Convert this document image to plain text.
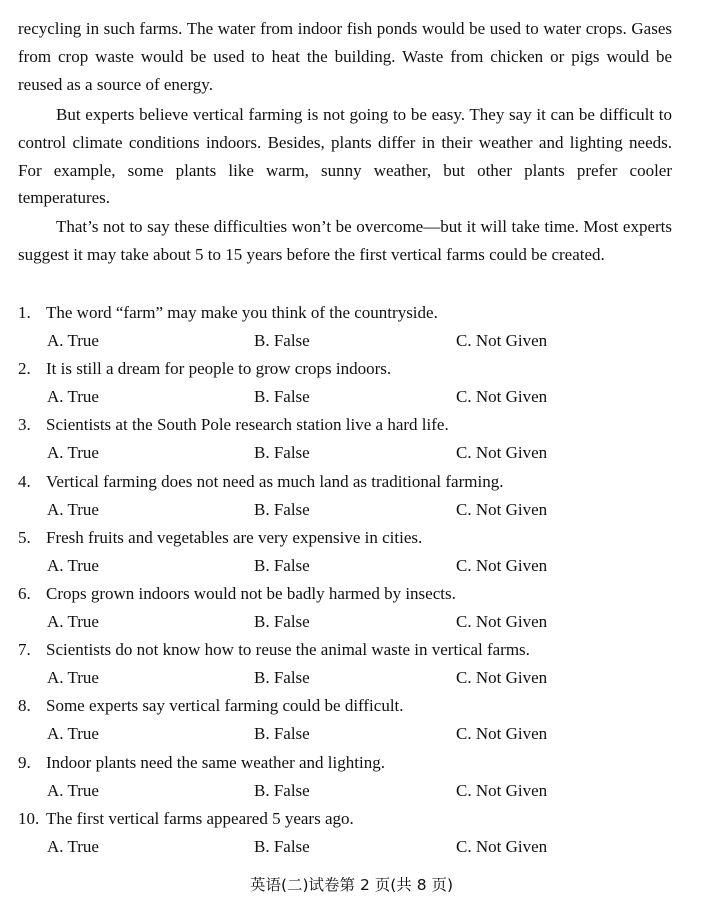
recycling in such farms. The water from indoor fish ponds would be used to water crops. Gases from crop waste would be used to heat the building. Waste from chicken or pigs would be reused as a source of energy.
But experts believe vertical farming is not going to be easy. They say it can be difficult to control climate conditions indoors. Besides, plants differ in their weather and lighting needs. For example, some plants like warm, sunny weather, but other plants prefer cooler temperatures.
That’s not to say these difficulties won’t be overcome—but it will take time. Most experts suggest it may take about 5 to 15 years before the first vertical farms could be created.
1. The word “farm” may make you think of the countryside.
A. True	B. False	C. Not Given
2. It is still a dream for people to grow crops indoors.
A. True	B. False	C. Not Given
3. Scientists at the South Pole research station live a hard life.
A. True	B. False	C. Not Given
4. Vertical farming does not need as much land as traditional farming.
A. True	B. False	C. Not Given
5. Fresh fruits and vegetables are very expensive in cities.
A. True	B. False	C. Not Given
6. Crops grown indoors would not be badly harmed by insects.
A. True	B. False	C. Not Given
7. Scientists do not know how to reuse the animal waste in vertical farms.
A. True	B. False	C. Not Given
8. Some experts say vertical farming could be difficult.
A. True	B. False	C. Not Given
9. Indoor plants need the same weather and lighting.
A. True	B. False	C. Not Given
10. The first vertical farms appeared 5 years ago.
A. True	B. False	C. Not Given
英语(二)试卷第 2 页(共 8 页)
